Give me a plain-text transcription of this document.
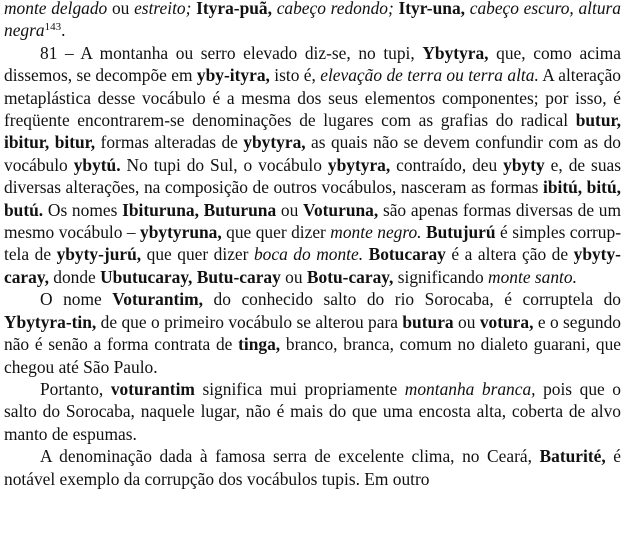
monte delgado ou estreito; Ityra-puã, cabeço redondo; Ityr-una, cabeço escuro, altura negra$^{143}$.

81 – A montanha ou serro elevado diz-se, no tupi, Ybytyra, que, como acima dissemos, se decompõe em yby-ityra, isto é, elevação de terra ou terra alta. A alteração metaplástica desse vocábulo é a mesma dos seus elementos componentes; por isso, é freqüente encontrarem-se denominações de lugares com as grafias do radical butur, ibitur, bitur, formas alteradas de ybytyra, as quais não se devem confundir com as do vocábulo ybytú. No tupi do Sul, o vocábulo ybytyra, contraído, deu ybyty e, de suas diversas alterações, na composição de outros vocábulos, nasceram as formas ibitú, bitú, butú. Os nomes Ibituruna, Buturuna ou Voturuna, são apenas formas diversas de um mesmo vocábulo – ybytyruna, que quer dizer monte negro. Butujurú é simples corruptela de ybyty-jurú, que quer dizer boca do monte. Botucaray é a altera ção de ybyty-caray, donde Ubutucaray, Butu-caray ou Botu-caray, significando monte santo.

O nome Voturantim, do conhecido salto do rio Sorocaba, é corruptela do Ybytyra-tin, de que o primeiro vocábulo se alterou para butura ou votura, e o segundo não é senão a forma contrata de tinga, branco, branca, comum no dialeto guarani, que chegou até São Paulo.

Portanto, voturantim significa mui propriamente montanha branca, pois que o salto do Sorocaba, naquele lugar, não é mais do que uma encosta alta, coberta de alvo manto de espumas.

A denominação dada à famosa serra de excelente clima, no Ceará, Baturité, é notável exemplo da corrupção dos vocábulos tupis. Em outro
